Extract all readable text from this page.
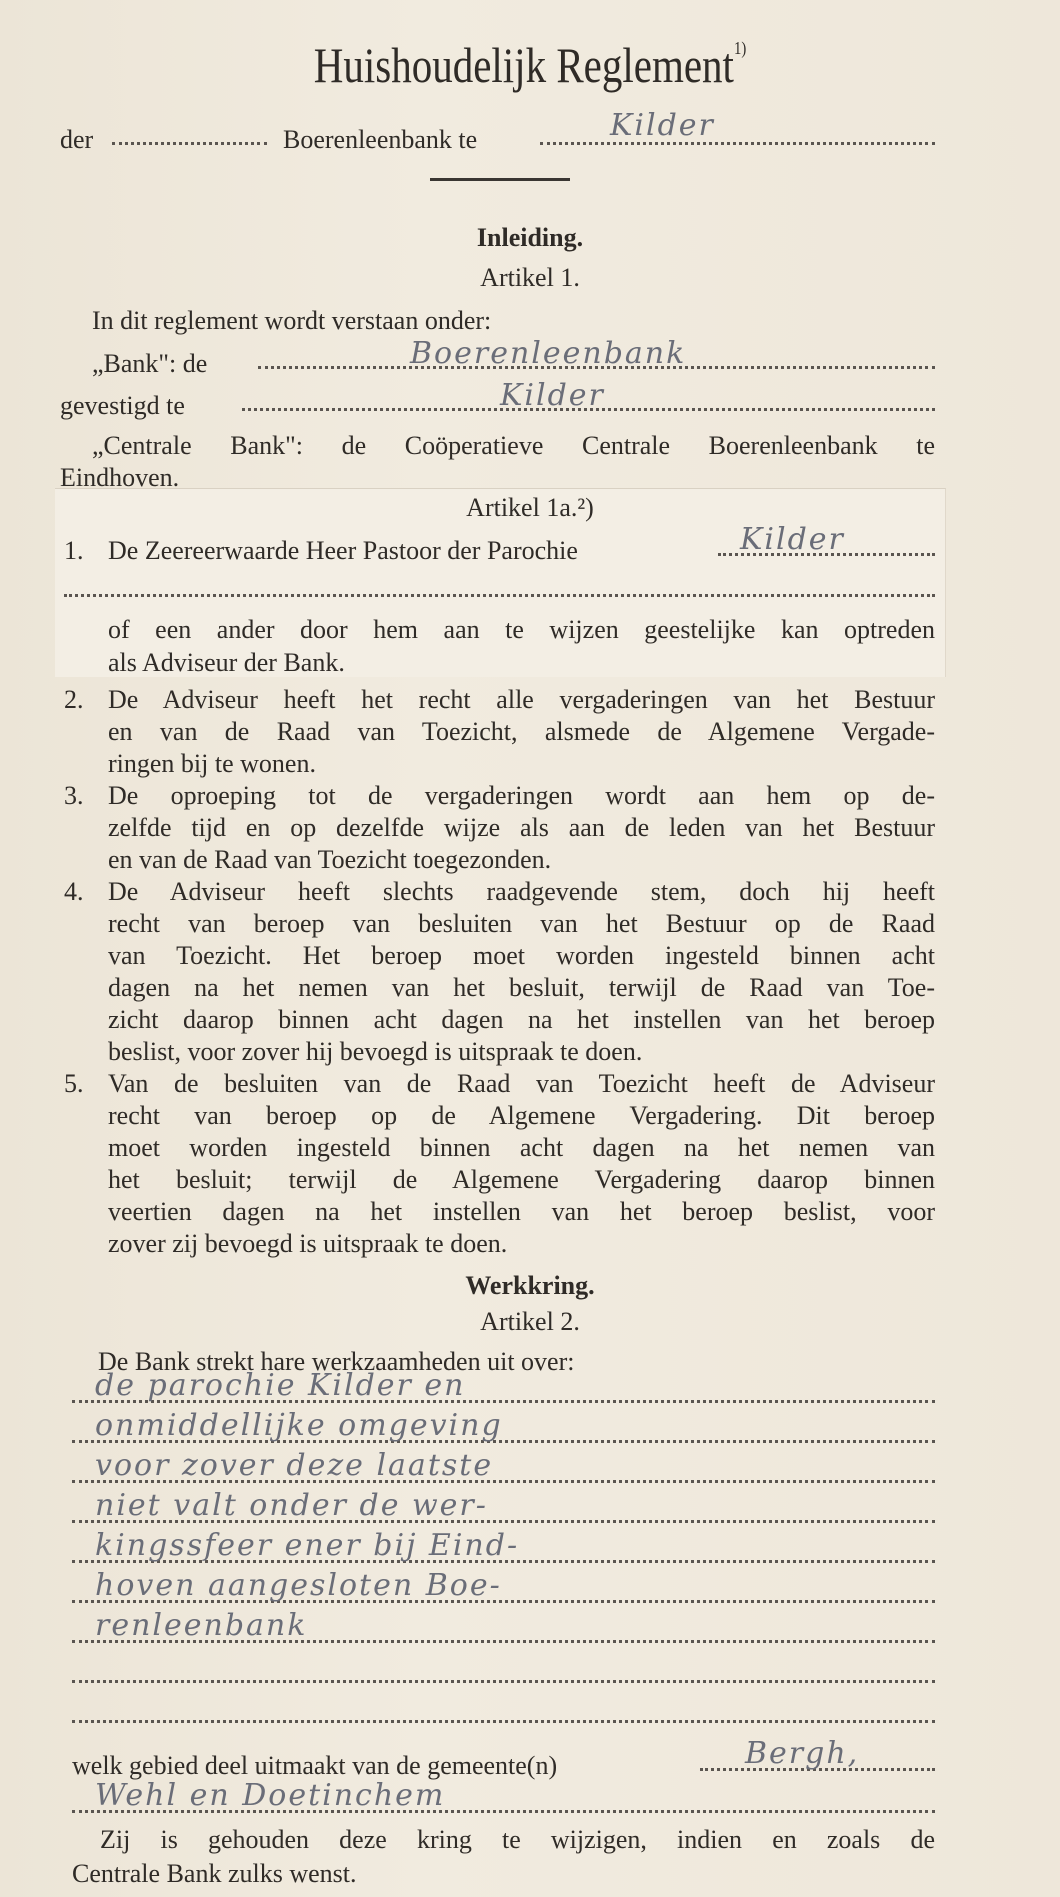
Huishoudelijk Reglement$^{1)}$
der	Boerenleenbank te	Kilder
Inleiding.
Artikel 1.
In dit reglement wordt verstaan onder:
„Bank": de	Boerenleenbank
gevestigd te	Kilder
„Centrale Bank": de Coöperatieve Centrale Boerenleenbank te
Eindhoven.
Artikel 1a.²)
1. De Zeereerwaarde Heer Pastoor der Parochie	Kilder
of een ander door hem aan te wijzen geestelijke kan optreden
als Adviseur der Bank.
2. De Adviseur heeft het recht alle vergaderingen van het Bestuur
en van de Raad van Toezicht, alsmede de Algemene Vergade-
ringen bij te wonen.
3. De oproeping tot de vergaderingen wordt aan hem op de-
zelfde tijd en op dezelfde wijze als aan de leden van het Bestuur
en van de Raad van Toezicht toegezonden.
4. De Adviseur heeft slechts raadgevende stem, doch hij heeft
recht van beroep van besluiten van het Bestuur op de Raad
van Toezicht. Het beroep moet worden ingesteld binnen acht
dagen na het nemen van het besluit, terwijl de Raad van Toe-
zicht daarop binnen acht dagen na het instellen van het beroep
beslist, voor zover hij bevoegd is uitspraak te doen.
5. Van de besluiten van de Raad van Toezicht heeft de Adviseur
recht van beroep op de Algemene Vergadering. Dit beroep
moet worden ingesteld binnen acht dagen na het nemen van
het besluit; terwijl de Algemene Vergadering daarop binnen
veertien dagen na het instellen van het beroep beslist, voor
zover zij bevoegd is uitspraak te doen.
Werkkring.
Artikel 2.
De Bank strekt hare werkzaamheden uit over:
de parochie Kilder en
onmiddellijke omgeving
voor zover deze laatste
niet valt onder de wer-
kingssfeer ener bij Eind-
hoven aangesloten Boe-
renleenbank
welk gebied deel uitmaakt van de gemeente(n)	Bergh,
Wehl en Doetinchem
Zij is gehouden deze kring te wijzigen, indien en zoals de
Centrale Bank zulks wenst.
